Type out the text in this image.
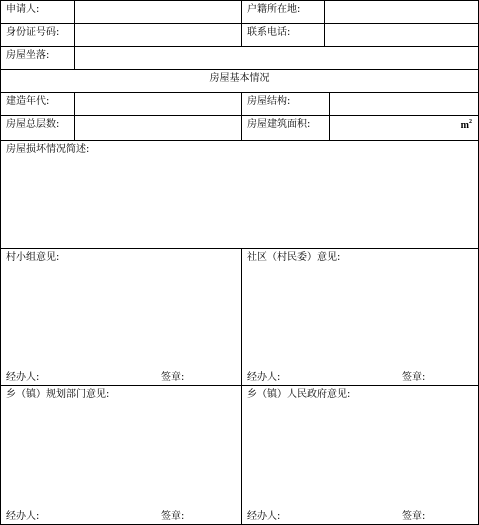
申请人:	户籍所在地:
身份证号码:	联系电话:
房屋坐落:
房屋基本情况
建造年代:	房屋结构:
房屋总层数:	房屋建筑面积:	$m^2$
房屋损坏情况简述:
村小组意见:
经办人:	签章:
社区（村民委）意见:
经办人:	签章:
乡（镇）规划部门意见:
经办人:	签章:
乡（镇）人民政府意见:
经办人:	签章:
